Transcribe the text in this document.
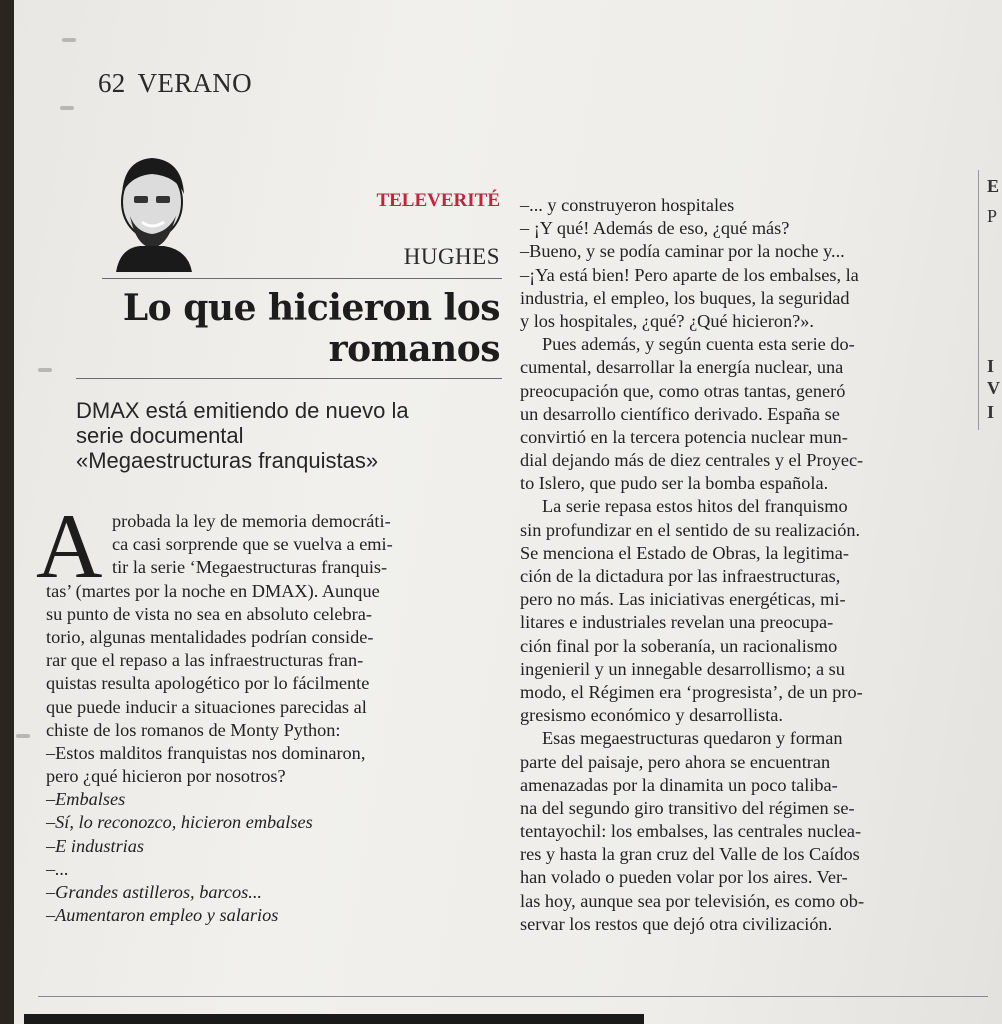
62 VERANO
TELEVERITÉ
HUGHES
Lo que hicieron los
romanos
DMAX está emitiendo de nuevo la
serie documental
«Megaestructuras franquistas»
A probada la ley de memoria democráti-
ca casi sorprende que se vuelva a emi-
tir la serie ‘Megaestructuras franquis-
tas’ (martes por la noche en DMAX). Aunque
su punto de vista no sea en absoluto celebra-
torio, algunas mentalidades podrían conside-
rar que el repaso a las infraestructuras fran-
quistas resulta apologético por lo fácilmente
que puede inducir a situaciones parecidas al
chiste de los romanos de Monty Python:
–Estos malditos franquistas nos dominaron,
pero ¿qué hicieron por nosotros?
–Embalses
–Sí, lo reconozco, hicieron embalses
–E industrias
–...
–Grandes astilleros, barcos...
–Aumentaron empleo y salarios
–... y construyeron hospitales
– ¡Y qué! Además de eso, ¿qué más?
–Bueno, y se podía caminar por la noche y...
–¡Ya está bien! Pero aparte de los embalses, la
industria, el empleo, los buques, la seguridad
y los hospitales, ¿qué? ¿Qué hicieron?».
Pues además, y según cuenta esta serie do-
cumental, desarrollar la energía nuclear, una
preocupación que, como otras tantas, generó
un desarrollo científico derivado. España se
convirtió en la tercera potencia nuclear mun-
dial dejando más de diez centrales y el Proyec-
to Islero, que pudo ser la bomba española.
La serie repasa estos hitos del franquismo
sin profundizar en el sentido de su realización.
Se menciona el Estado de Obras, la legitima-
ción de la dictadura por las infraestructuras,
pero no más. Las iniciativas energéticas, mi-
litares e industriales revelan una preocupa-
ción final por la soberanía, un racionalismo
ingenieril y un innegable desarrollismo; a su
modo, el Régimen era ‘progresista’, de un pro-
gresismo económico y desarrollista.
Esas megaestructuras quedaron y forman
parte del paisaje, pero ahora se encuentran
amenazadas por la dinamita un poco taliba-
na del segundo giro transitivo del régimen se-
tentayochil: los embalses, las centrales nuclea-
res y hasta la gran cruz del Valle de los Caídos
han volado o pueden volar por los aires. Ver-
las hoy, aunque sea por televisión, es como ob-
servar los restos que dejó otra civilización.
E
P
I
V
I
